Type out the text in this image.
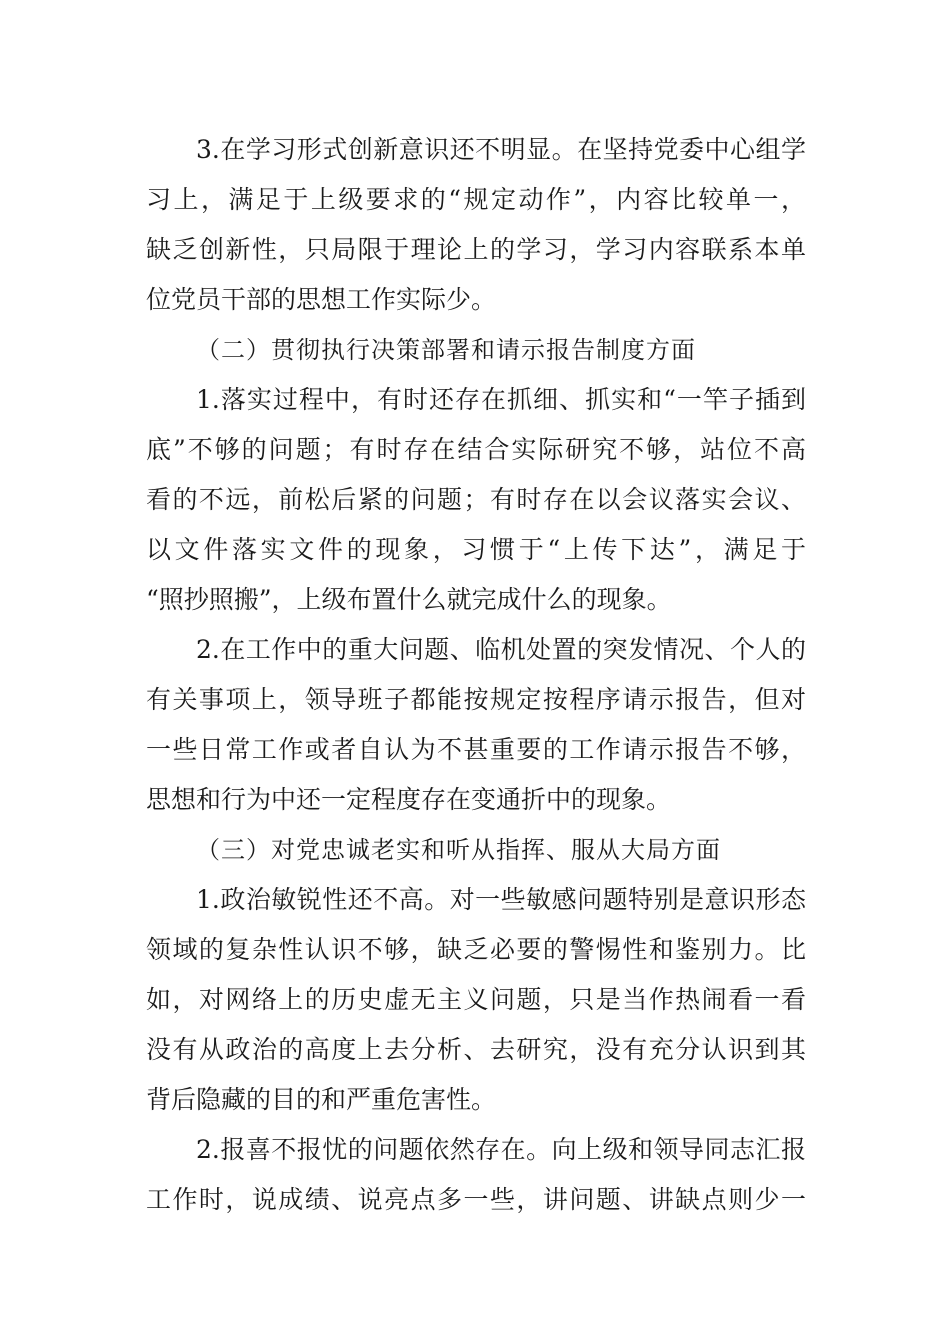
3.在学习形式创新意识还不明显。在坚持党委中心组学
习上，满足于上级要求的“规定动作”，内容比较单一，
缺乏创新性，只局限于理论上的学习，学习内容联系本单
位党员干部的思想工作实际少。
（二）贯彻执行决策部署和请示报告制度方面
1.落实过程中，有时还存在抓细、抓实和“一竿子插到
底”不够的问题；有时存在结合实际研究不够，站位不高
看的不远，前松后紧的问题；有时存在以会议落实会议、
以文件落实文件的现象，习惯于“上传下达”，满足于
“照抄照搬”，上级布置什么就完成什么的现象。
2.在工作中的重大问题、临机处置的突发情况、个人的
有关事项上，领导班子都能按规定按程序请示报告，但对
一些日常工作或者自认为不甚重要的工作请示报告不够，
思想和行为中还一定程度存在变通折中的现象。
（三）对党忠诚老实和听从指挥、服从大局方面
1.政治敏锐性还不高。对一些敏感问题特别是意识形态
领域的复杂性认识不够，缺乏必要的警惕性和鉴别力。比
如，对网络上的历史虚无主义问题，只是当作热闹看一看
没有从政治的高度上去分析、去研究，没有充分认识到其
背后隐藏的目的和严重危害性。
2.报喜不报忧的问题依然存在。向上级和领导同志汇报
工作时，说成绩、说亮点多一些，讲问题、讲缺点则少一
